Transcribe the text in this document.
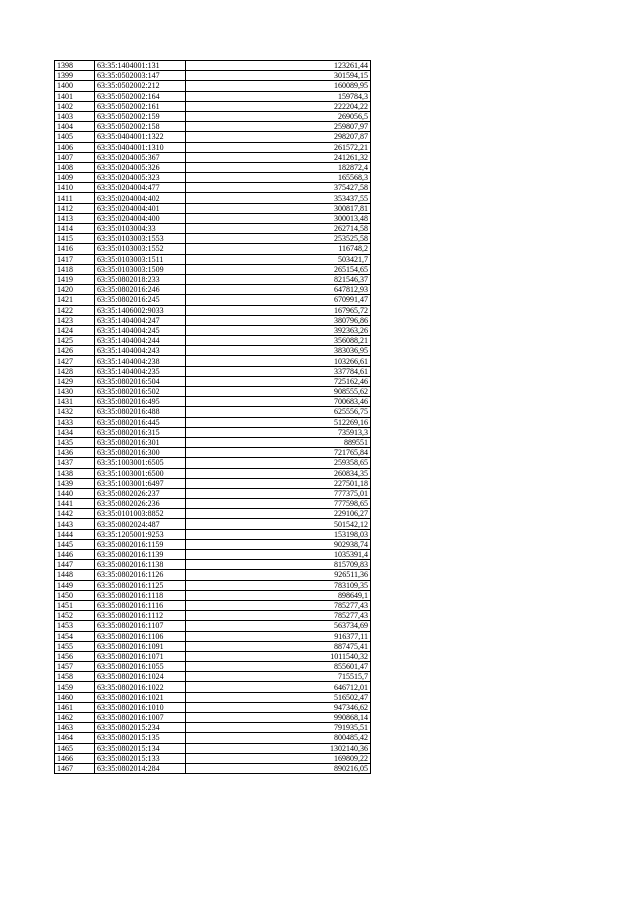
1398	63:35:1404001:131	123261,44
1399	63:35:0502003:147	301594,15
1400	63:35:0502002:212	160089,95
1401	63:35:0502002:164	159784,3
1402	63:35:0502002:161	222204,22
1403	63:35:0502002:159	269056,5
1404	63:35:0502002:158	259807,97
1405	63:35:0404001:1322	298207,87
1406	63:35:0404001:1310	261572,21
1407	63:35:0204005:367	241261,32
1408	63:35:0204005:326	182872,4
1409	63:35:0204005:323	165568,3
1410	63:35:0204004:477	375427,58
1411	63:35:0204004:402	353437,55
1412	63:35:0204004:401	300817,81
1413	63:35:0204004:400	300013,48
1414	63:35:0103004:33	262714,58
1415	63:35:0103003:1553	253525,58
1416	63:35:0103003:1552	116748,2
1417	63:35:0103003:1511	503421,7
1418	63:35:0103003:1509	265154,65
1419	63:35:0802018:233	821546,37
1420	63:35:0802016:246	647812,93
1421	63:35:0802016:245	670991,47
1422	63:35:1406002:9033	167965,72
1423	63:35:1404004:247	380796,86
1424	63:35:1404004:245	392363,26
1425	63:35:1404004:244	356088,21
1426	63:35:1404004:243	383036,95
1427	63:35:1404004:238	103266,61
1428	63:35:1404004:235	337784,61
1429	63:35:0802016:504	725162,46
1430	63:35:0802016:502	908555,62
1431	63:35:0802016:495	700683,46
1432	63:35:0802016:488	625556,75
1433	63:35:0802016:445	512269,16
1434	63:35:0802016:315	735913,3
1435	63:35:0802016:301	889551
1436	63:35:0802016:300	721765,84
1437	63:35:1003001:6505	259358,65
1438	63:35:1003001:6500	260834,35
1439	63:35:1003001:6497	227501,18
1440	63:35:0802026:237	777375,01
1441	63:35:0802026:236	777598,65
1442	63:35:0101003:8852	229106,27
1443	63:35:0802024:487	501542,12
1444	63:35:1205001:9253	153198,03
1445	63:35:0802016:1159	902938,74
1446	63:35:0802016:1139	1035391,4
1447	63:35:0802016:1138	815709,83
1448	63:35:0802016:1126	926511,36
1449	63:35:0802016:1125	783109,35
1450	63:35:0802016:1118	898649,1
1451	63:35:0802016:1116	785277,43
1452	63:35:0802016:1112	785277,43
1453	63:35:0802016:1107	563734,69
1454	63:35:0802016:1106	916377,11
1455	63:35:0802016:1091	887475,41
1456	63:35:0802016:1071	1011540,32
1457	63:35:0802016:1055	855601,47
1458	63:35:0802016:1024	715515,7
1459	63:35:0802016:1022	646712,01
1460	63:35:0802016:1021	516502,47
1461	63:35:0802016:1010	947346,62
1462	63:35:0802016:1007	990868,14
1463	63:35:0802015:234	791935,51
1464	63:35:0802015:135	800485,42
1465	63:35:0802015:134	1302140,36
1466	63:35:0802015:133	169809,22
1467	63:35:0802014:284	890216,05
